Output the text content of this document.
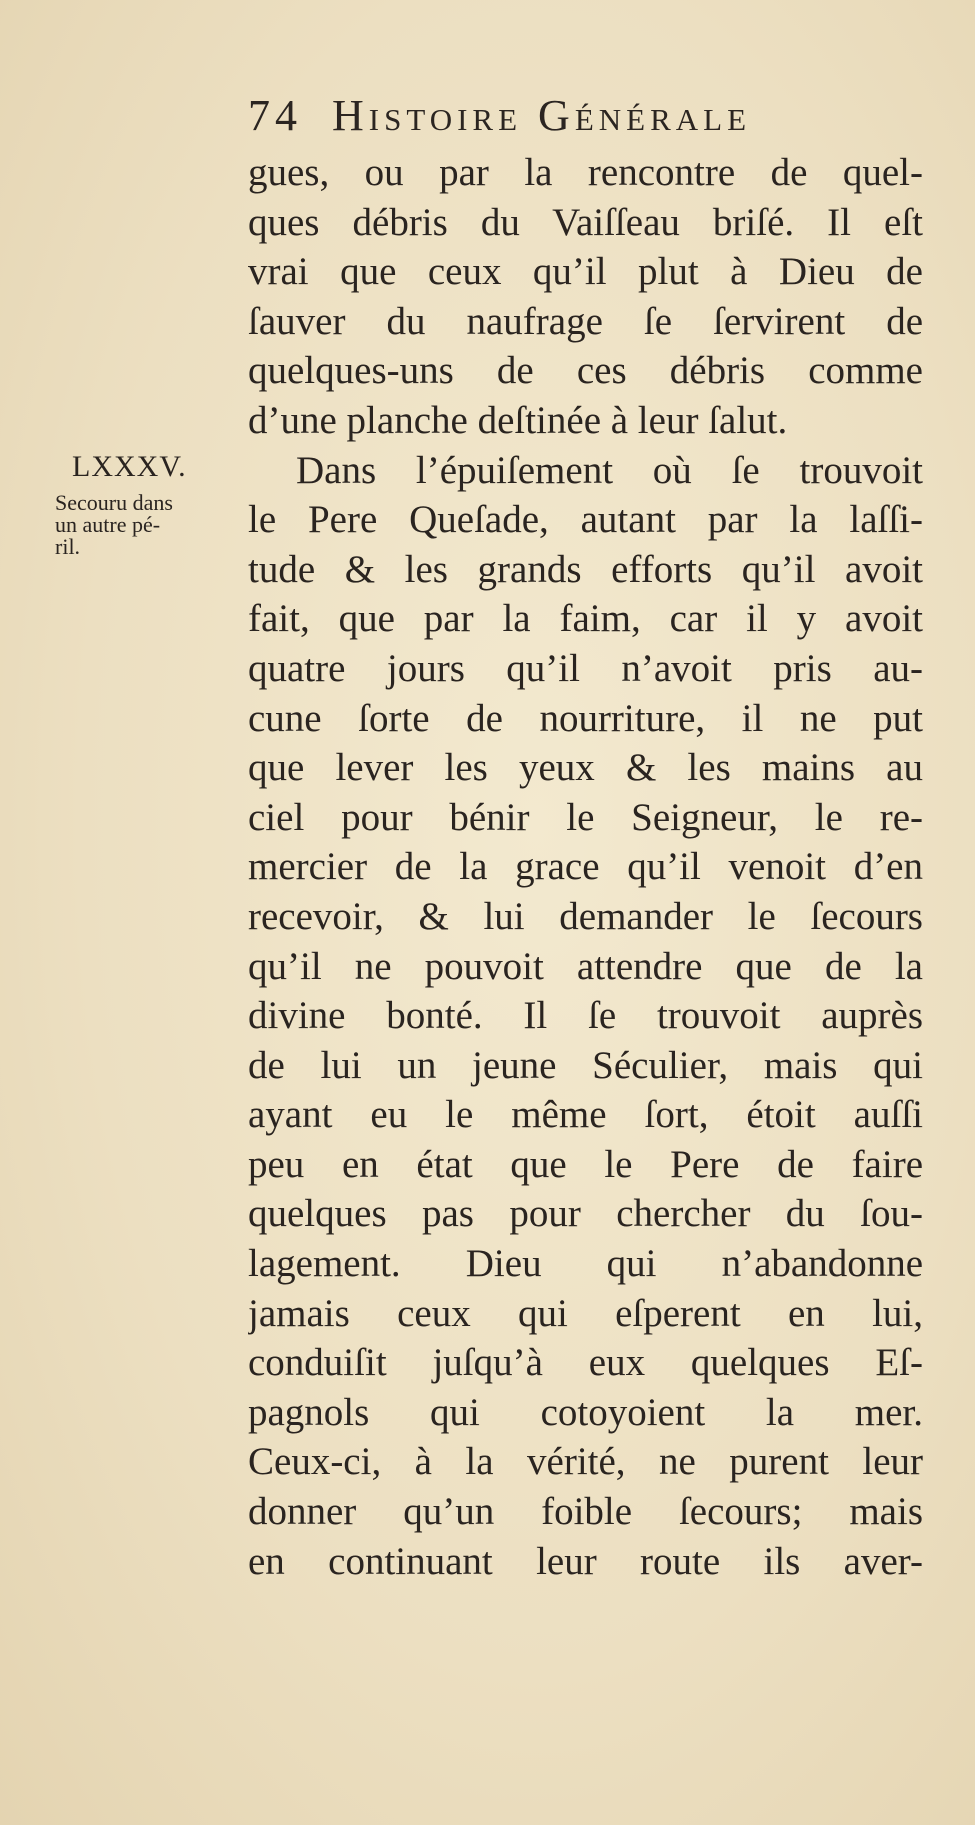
74 Histoire Générale
LXXXV.
Secouru dans
un autre pé-
ril.
gues, ou par la rencontre de quel-
ques débris du Vaiſſeau briſé. Il eſt
vrai que ceux qu’il plut à Dieu de
ſauver du naufrage ſe ſervirent de
quelques-uns de ces débris comme
d’une planche deſtinée à leur ſalut.
Dans l’épuiſement où ſe trouvoit
le Pere Queſade, autant par la laſſi-
tude & les grands efforts qu’il avoit
fait, que par la faim, car il y avoit
quatre jours qu’il n’avoit pris au-
cune ſorte de nourriture, il ne put
que lever les yeux & les mains au
ciel pour bénir le Seigneur, le re-
mercier de la grace qu’il venoit d’en
recevoir, & lui demander le ſecours
qu’il ne pouvoit attendre que de la
divine bonté. Il ſe trouvoit auprès
de lui un jeune Séculier, mais qui
ayant eu le même ſort, étoit auſſi
peu en état que le Pere de faire
quelques pas pour chercher du ſou-
lagement. Dieu qui n’abandonne
jamais ceux qui eſperent en lui,
conduiſit juſqu’à eux quelques Eſ-
pagnols qui cotoyoient la mer.
Ceux-ci, à la vérité, ne purent leur
donner qu’un foible ſecours; mais
en continuant leur route ils aver-
